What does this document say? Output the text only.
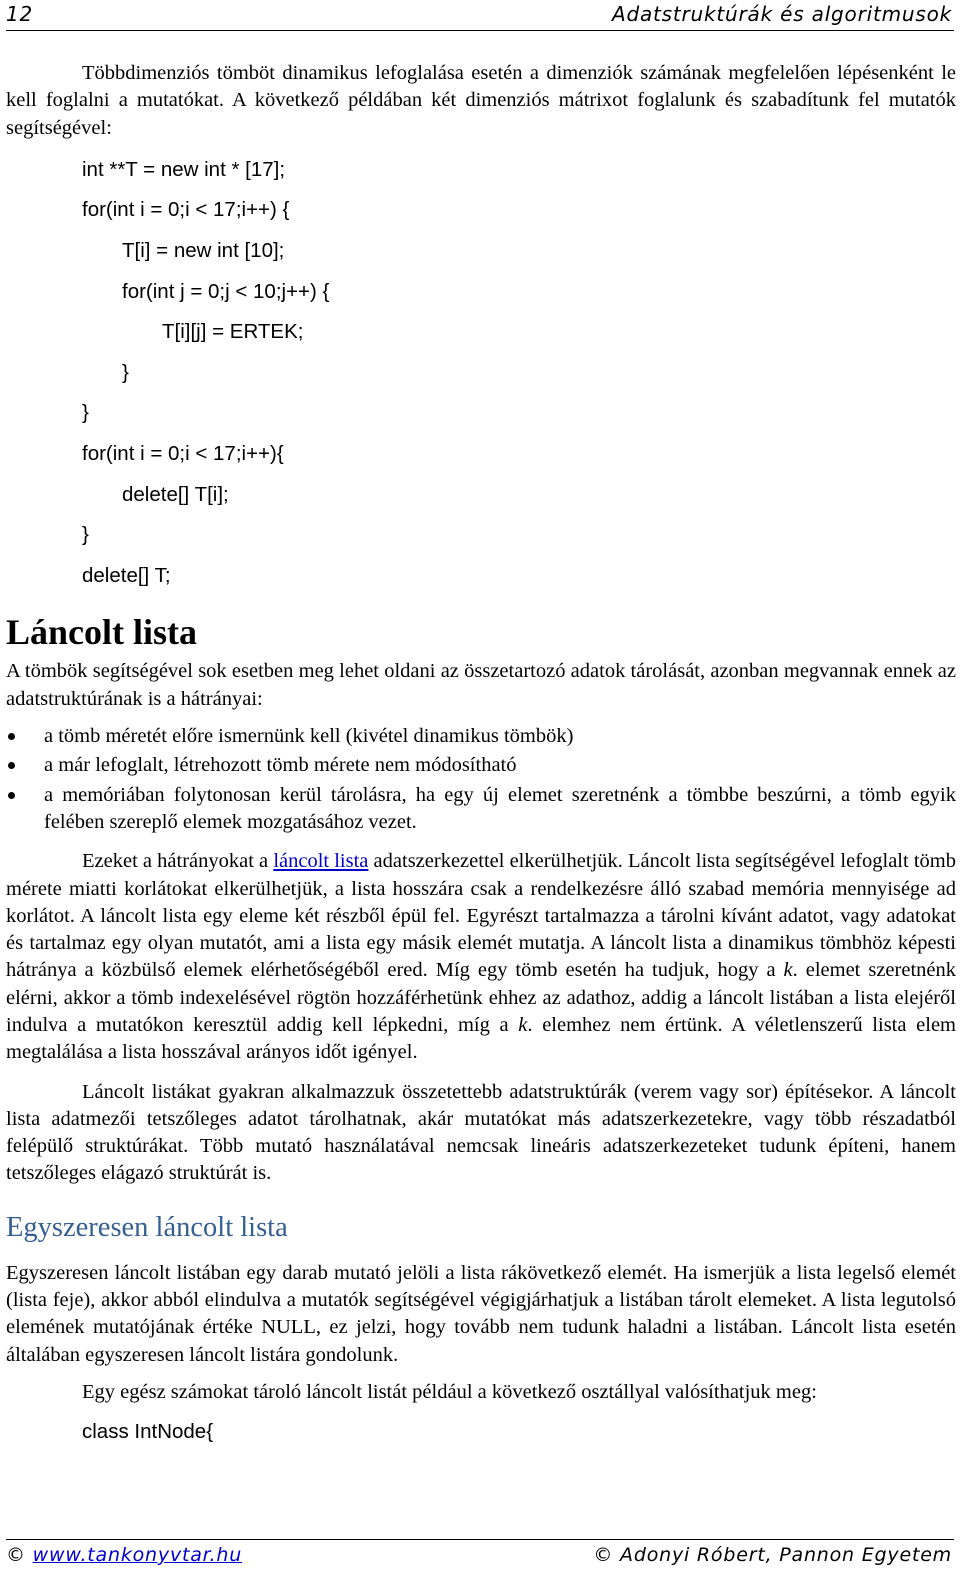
12	Adatstruktúrák és algoritmusok

Többdimenziós tömböt dinamikus lefoglalása esetén a dimenziók számának megfelelően lépésenként le kell foglalni a mutatókat. A következő példában két dimenziós mátrixot foglalunk és szabadítunk fel mutatók segítségével:

int **T = new int * [17];
for(int i = 0;i < 17;i++) {
T[i] = new int [10];
for(int j = 0;j < 10;j++) {
T[i][j] = ERTEK;
}
}
for(int i = 0;i < 17;i++){
delete[] T[i];
}
delete[] T;
Láncolt lista

A tömbök segítségével sok esetben meg lehet oldani az összetartozó adatok tárolását, azonban megvannak ennek az adatstruktúrának is a hátrányai:

a tömb méretét előre ismernünk kell (kivétel dinamikus tömbök)
a már lefoglalt, létrehozott tömb mérete nem módosítható
a memóriában folytonosan kerül tárolásra, ha egy új elemet szeretnénk a tömbbe beszúrni, a tömb egyik felében szereplő elemek mozgatásához vezet.

Ezeket a hátrányokat a láncolt lista adatszerkezettel elkerülhetjük. Láncolt lista segítségével lefoglalt tömb mérete miatti korlátokat elkerülhetjük, a lista hosszára csak a rendelkezésre álló szabad memória mennyisége ad korlátot. A láncolt lista egy eleme két részből épül fel. Egyrészt tartalmazza a tárolni kívánt adatot, vagy adatokat és tartalmaz egy olyan mutatót, ami a lista egy másik elemét mutatja. A láncolt lista a dinamikus tömbhöz képesti hátránya a közbülső elemek elérhetőségéből ered. Míg egy tömb esetén ha tudjuk, hogy a k. elemet szeretnénk elérni, akkor a tömb indexelésével rögtön hozzáférhetünk ehhez az adathoz, addig a láncolt listában a lista elejéről indulva a mutatókon keresztül addig kell lépkedni, míg a k. elemhez nem értünk. A véletlenszerű lista elem megtalálása a lista hosszával arányos időt igényel.

Láncolt listákat gyakran alkalmazzuk összetettebb adatstruktúrák (verem vagy sor) építésekor. A láncolt lista adatmezői tetszőleges adatot tárolhatnak, akár mutatókat más adatszerkezetekre, vagy több részadatból felépülő struktúrákat. Több mutató használatával nemcsak lineáris adatszerkezeteket tudunk építeni, hanem tetszőleges elágazó struktúrát is.

Egyszeresen láncolt lista

Egyszeresen láncolt listában egy darab mutató jelöli a lista rákövetkező elemét. Ha ismerjük a lista legelső elemét (lista feje), akkor abból elindulva a mutatók segítségével végigjárhatjuk a listában tárolt elemeket. A lista legutolsó elemének mutatójának értéke NULL, ez jelzi, hogy tovább nem tudunk haladni a listában. Láncolt lista esetén általában egyszeresen láncolt listára gondolunk.

Egy egész számokat tároló láncolt listát például a következő osztállyal valósíthatjuk meg:

class IntNode{
© www.tankonyvtar.hu	© Adonyi Róbert, Pannon Egyetem
